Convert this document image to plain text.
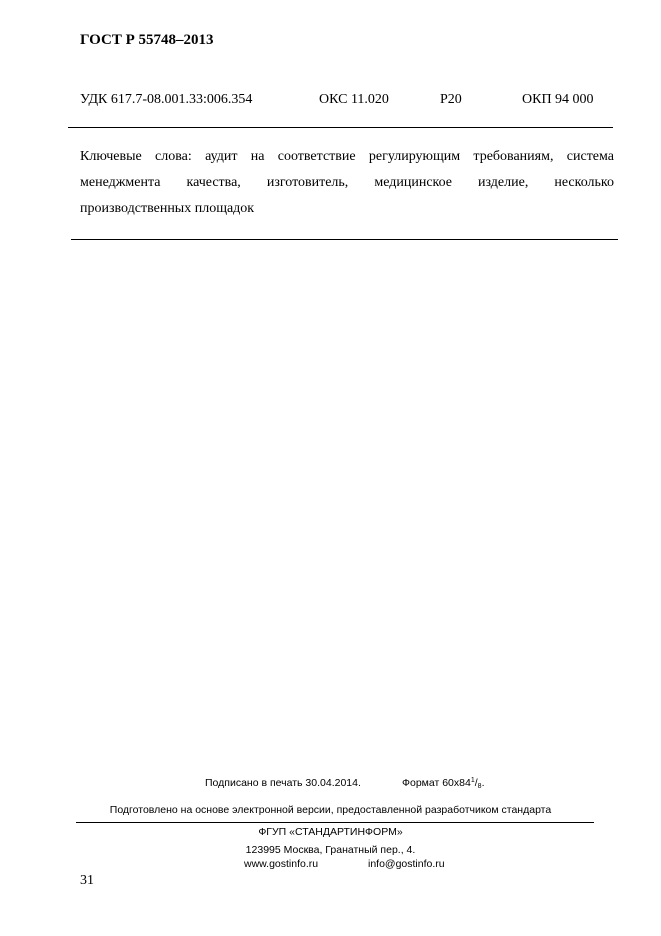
ГОСТ Р 55748–2013
УДК 617.7-08.001.33:006.354	ОКС 11.020	Р20	ОКП 94 000

Ключевые слова: аудит на соответствие регулирующим требованиям, система менеджмента качества, изготовитель, медицинское изделие, несколько производственных площадок

Подписано в печать 30.04.2014.	Формат $60х84^1/8$.
Подготовлено на основе электронной версии, предоставленной разработчиком стандарта
ФГУП «СТАНДАРТИНФОРМ»
123995 Москва, Гранатный пер., 4.
www.gostinfo.ru	info@gostinfo.ru
31
